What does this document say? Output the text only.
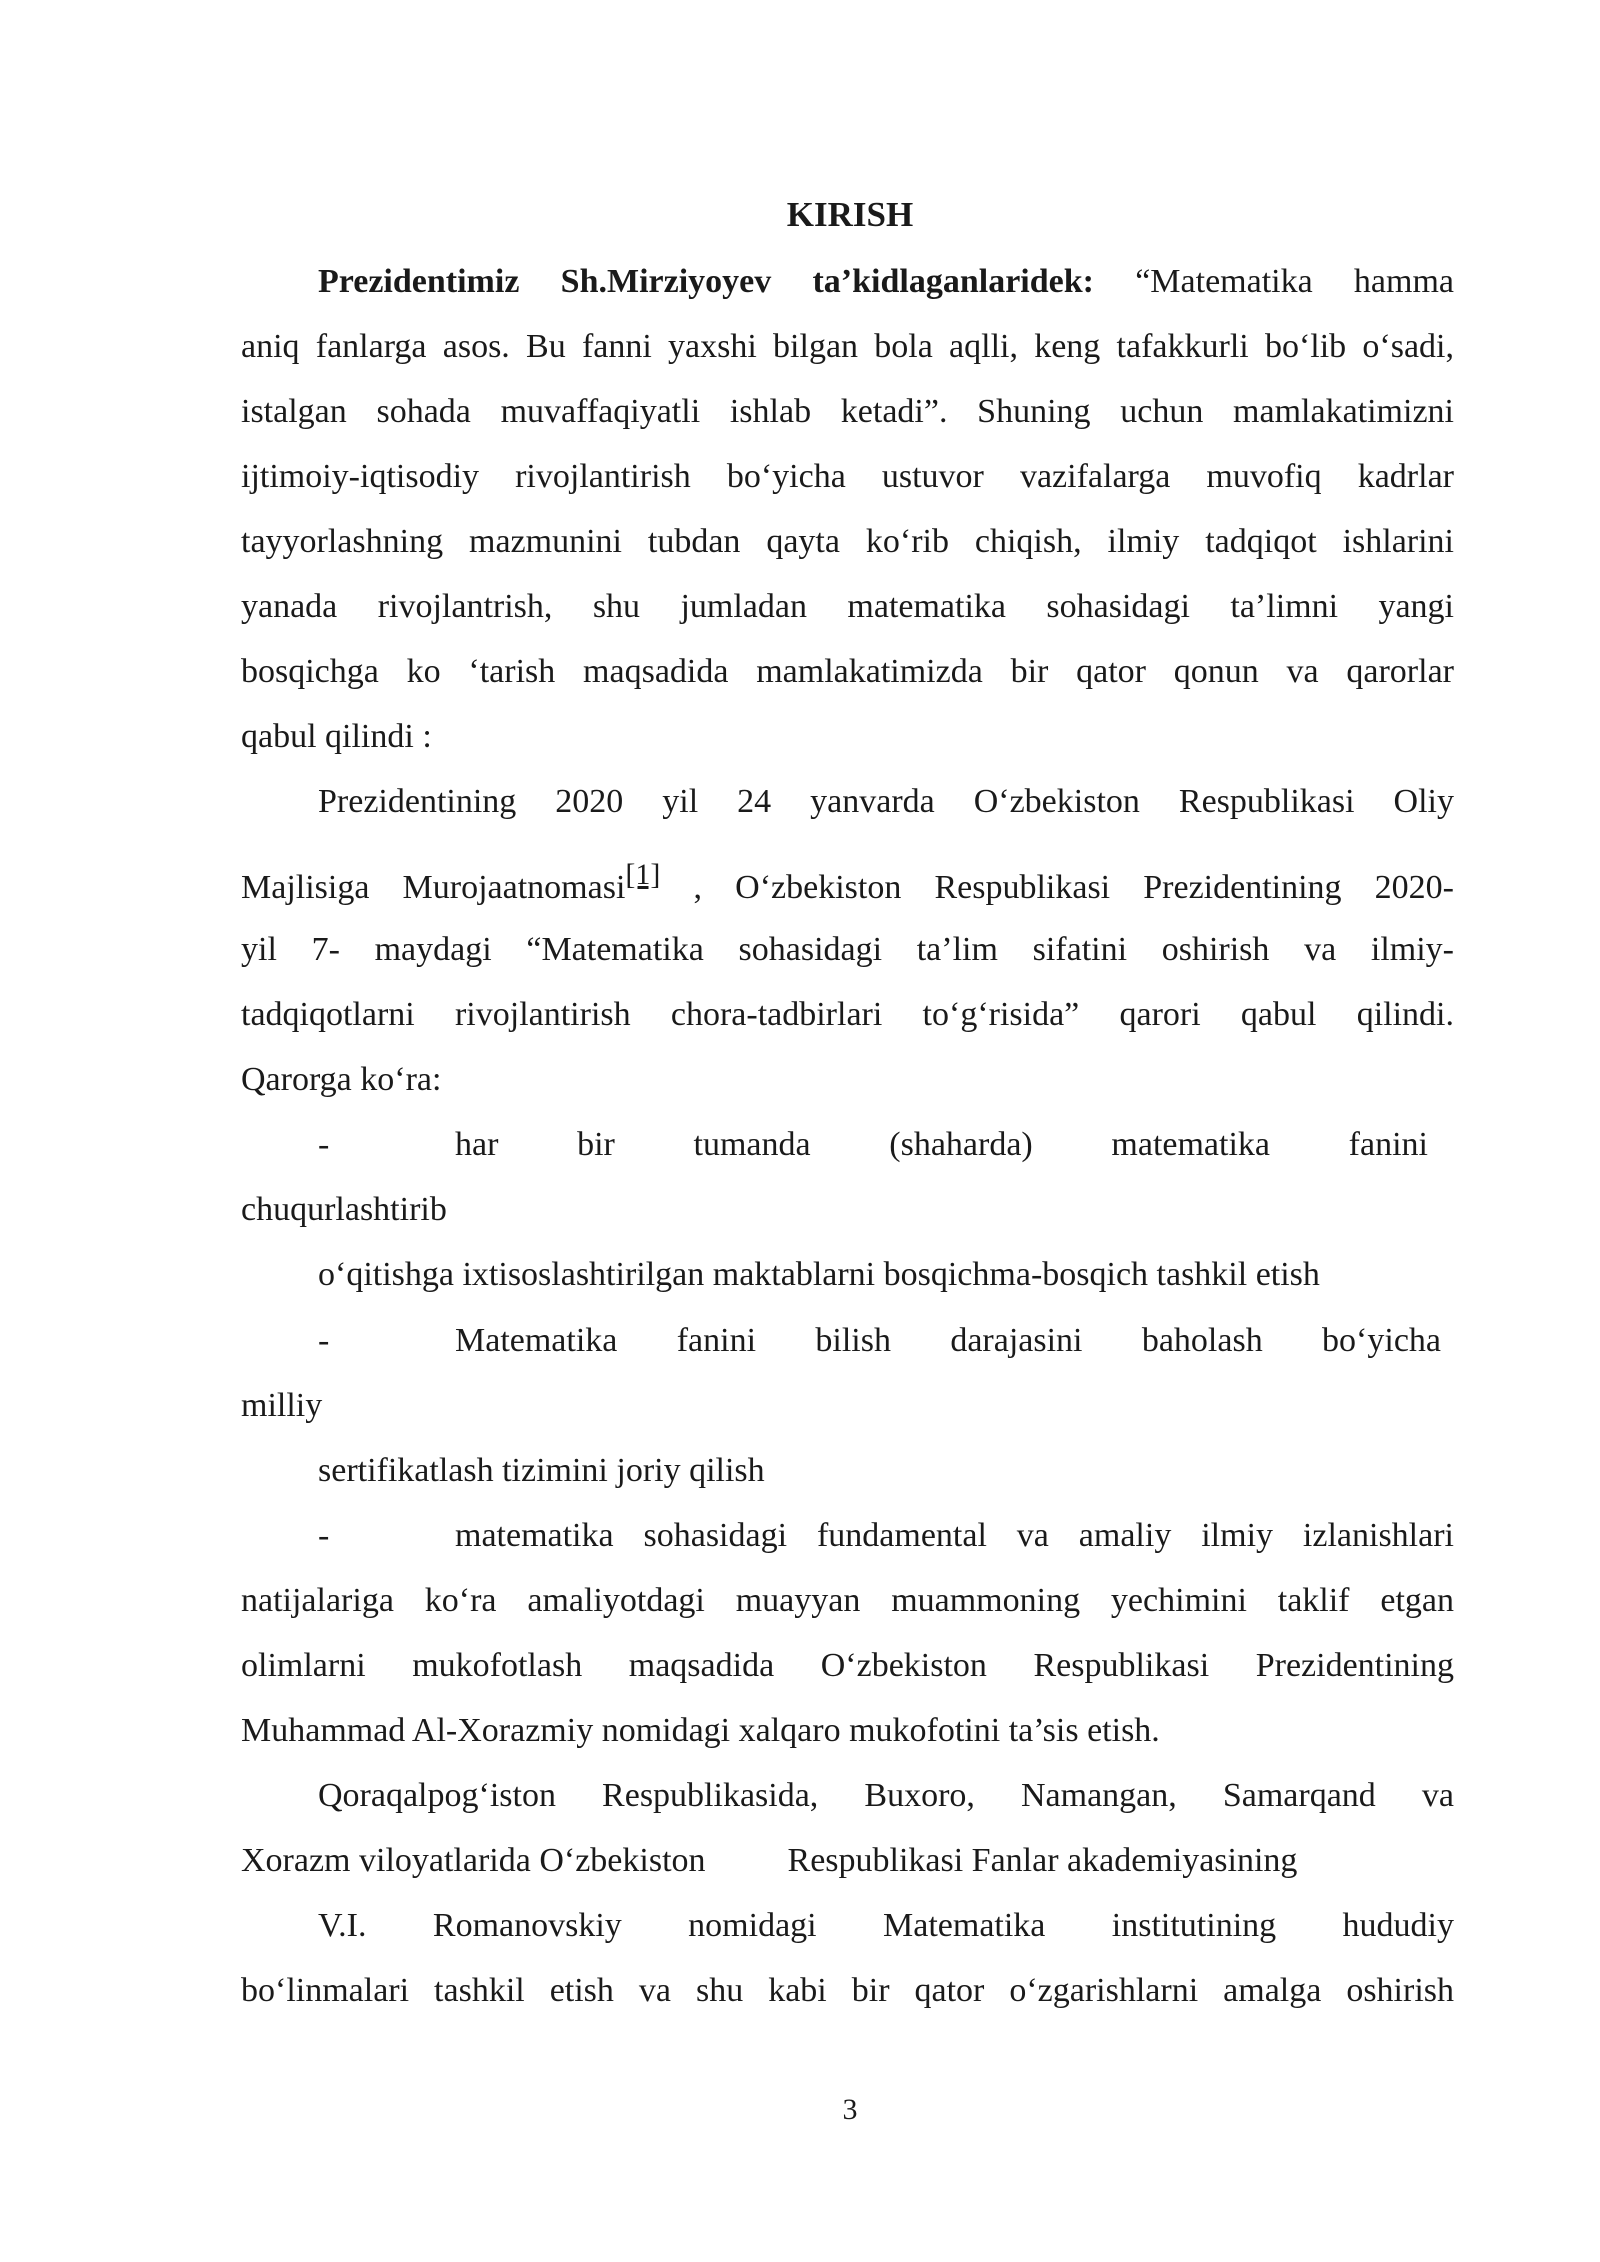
KIRISH

Prezidentimiz Sh.Mirziyoyev ta’kidlaganlaridek: “Matematika hamma

aniq fanlarga asos. Bu fanni yaxshi bilgan bola aqlli, keng tafakkurli bo‘lib o‘sadi,

istalgan sohada muvaffaqiyatli ishlab ketadi”. Shuning uchun mamlakatimizni

ijtimoiy-iqtisodiy rivojlantirish bo‘yicha ustuvor vazifalarga muvofiq kadrlar

tayyorlashning mazmunini tubdan qayta ko‘rib chiqish, ilmiy tadqiqot ishlarini

yanada rivojlantrish, shu jumladan matematika sohasidagi ta’limni yangi

bosqichga ko ‘tarish maqsadida mamlakatimizda bir qator qonun va qarorlar

qabul qilindi :

Prezidentining 2020 yil 24 yanvarda O‘zbekiston Respublikasi Oliy

Majlisiga Murojaatnomasi[1] , O‘zbekiston Respublikasi Prezidentining 2020-

yil 7- maydagi “Matematika sohasidagi ta’lim sifatini oshirish va ilmiy-

tadqiqotlarni rivojlantirish chora-tadbirlari to‘g‘risida” qarori qabul qilindi.

Qarorga ko‘ra:

-	har bir tumanda (shaharda) matematika fanini

chuqurlashtirib

o‘qitishga ixtisoslashtirilgan maktablarni bosqichma-bosqich tashkil etish

-	Matematika fanini bilish darajasini baholash bo‘yicha

milliy

sertifikatlash tizimini joriy qilish

-	matematika sohasidagi fundamental va amaliy ilmiy izlanishlari

natijalariga ko‘ra amaliyotdagi muayyan muammoning yechimini taklif etgan

olimlarni mukofotlash maqsadida O‘zbekiston Respublikasi Prezidentining

Muhammad Al-Xorazmiy nomidagi xalqaro mukofotini ta’sis etish.

Qoraqalpog‘iston Respublikasida, Buxoro, Namangan, Samarqand va

Xorazm viloyatlarida O‘zbekiston Respublikasi Fanlar akademiyasining

V.I. Romanovskiy nomidagi Matematika institutining hududiy

bo‘linmalari tashkil etish va shu kabi bir qator o‘zgarishlarni amalga oshirish

3
